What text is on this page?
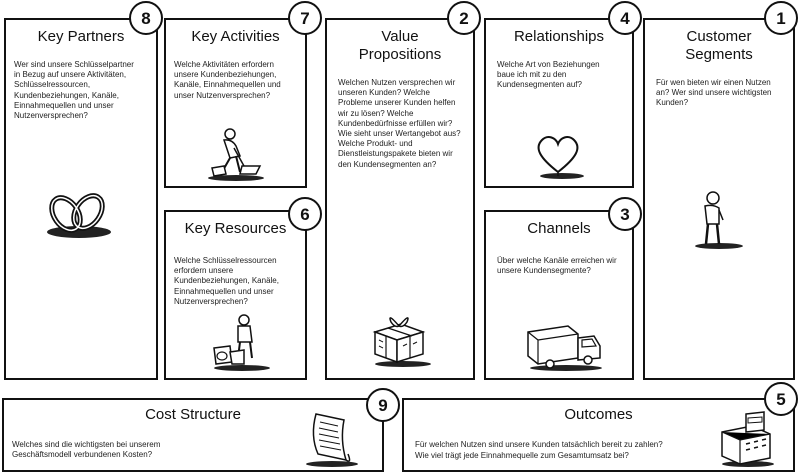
Key Partners
Wer sind unsere Schlüsselpartner in Bezug auf unsere Aktivitäten, Schlüsselressourcen, Kundenbeziehungen, Kanäle, Einnahmequellen und unser Nutzenversprechen?
8
Key Activities
Welche Aktivitäten erfordern unsere Kundenbeziehungen, Kanäle, Einnahmequellen und unser Nutzenversprechen?
7
Value
Propositions
Welchen Nutzen versprechen wir unseren Kunden? Welche Probleme unserer Kunden helfen wir zu lösen? Welche Kundenbedürfnisse erfüllen wir? Wie sieht unser Wertangebot aus? Welche Produkt- und Dienstleistungspakete bieten wir den Kundensegmenten an?
2
Relationships
Welche Art von Beziehungen baue ich mit zu den Kundensegmenten auf?
4
Channels
Über welche Kanäle erreichen wir unsere Kundensegmente?
3
Customer
Segments
Für wen bieten wir einen Nutzen an? Wer sind unsere wichtigsten Kunden?
1
Key Resources
Welche Schlüsselressourcen erfordern unsere Kundenbeziehungen, Kanäle, Einnahmequellen und unser Nutzenversprechen?
6
Cost Structure
Welches sind die wichtigsten bei unserem Geschäftsmodell verbundenen Kosten?
9	Outcomes
Für welchen Nutzen sind unsere Kunden tatsächlich bereit zu zahlen?
Wie viel trägt jede Einnahmequelle zum Gesamtumsatz bei?
5
